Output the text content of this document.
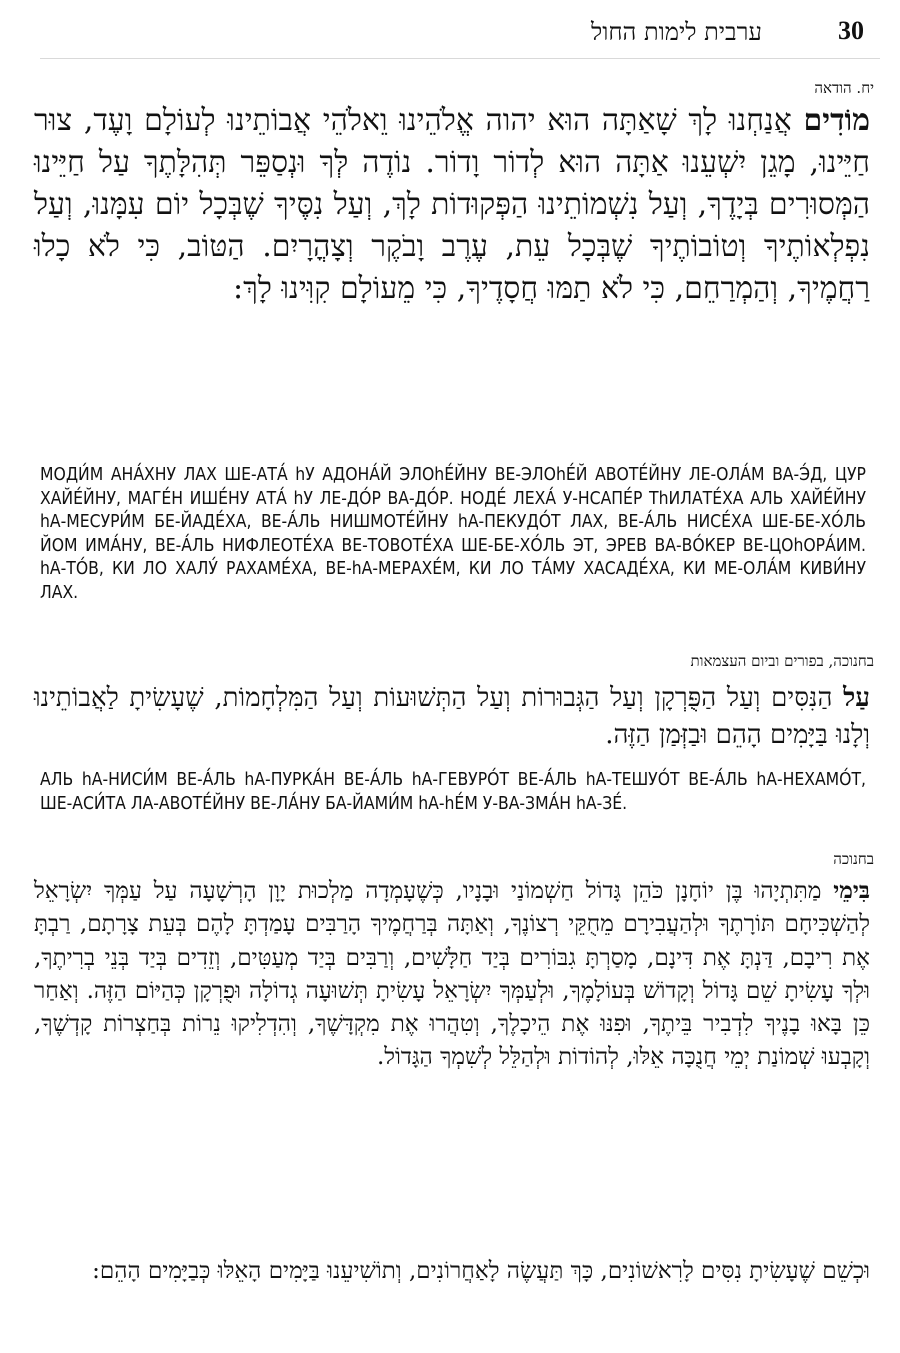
30
ערבית לימות החול
יח. הודאה
מוֹדִים אֲנַחְנוּ לָךְ שָׁאַתָּה הוּא יהוה אֱלֹהֵינוּ וֵאלֹהֵי אֲבוֹתֵינוּ לְעוֹלָם וָעֶד, צוּר חַיֵּינוּ, מָגֵן יִשְׁעֵנוּ אַתָּה הוּא לְדוֹר וָדוֹר. נוֹדֶה לְּךָ וּנְסַפֵּר תְּהִלָּתֶךָ עַל חַיֵּינוּ הַמְּסוּרִים בְּיָדֶךָ, וְעַל נִשְׁמוֹתֵינוּ הַפְּקוּדוֹת לָךְ, וְעַל נִסֶּיךָ שֶׁבְּכָל יוֹם עִמָּנוּ, וְעַל נִפְלְאוֹתֶיךָ וְטוֹבוֹתֶיךָ שֶׁבְּכָל עֵת, עֶרֶב וָבֹקֶר וְצָהֳרָיִם. הַטּוֹב, כִּי לֹא כָלוּ רַחֲמֶיךָ, וְהַמְרַחֵם, כִּי לֹא תַמּוּ חֲסָדֶיךָ, כִּי מֵעוֹלָם קִוִּינוּ לָךְ:
МОДИ́М АНА́ХНУ ЛАХ ШЕ-АТА́ hУ АДОНА́Й ЭЛОhЕ́ЙНУ ВЕ-ЭЛОhЕ́Й АВОТЕ́ЙНУ ЛЕ-ОЛА́М ВА-Э́Д, ЦУР ХАЙЕ́ЙНУ, МАГЕ́Н ИШЕ́НУ АТА́ hУ ЛЕ-ДО́Р ВА-ДО́Р. НОДЕ́ ЛЕХА́ У-НСАПЕ́Р ТhИЛАТЕ́ХА АЛЬ ХАЙЕ́ЙНУ hА-МЕСУРИ́М БЕ-ЙАДЕ́ХА, ВЕ-А́ЛЬ НИШМОТЕ́ЙНУ hА-ПЕКУДО́Т ЛАХ, ВЕ-А́ЛЬ НИСЕ́ХА ШЕ-БЕ-ХО́ЛЬ ЙОМ ИМА́НУ, ВЕ-А́ЛЬ НИФЛЕОТЕ́ХА ВЕ-ТОВОТЕ́ХА ШЕ-БЕ-ХО́ЛЬ ЭТ, ЭРЕВ ВА-ВО́КЕР ВЕ-ЦОhОРА́ИМ. hА-ТО́В, КИ ЛО ХАЛУ́ РАХАМЕ́ХА, ВЕ-hА-МЕРАХЕ́М, КИ ЛО ТА́МУ ХАСАДЕ́ХА, КИ МЕ-ОЛА́М КИВИ́НУ ЛАХ.
בחנוכה, בפורים וביום העצמאות
עַל הַנִּסִּים וְעַל הַפֻּרְקָן וְעַל הַגְּבוּרוֹת וְעַל הַתְּשׁוּעוֹת וְעַל הַמִּלְחָמוֹת, שֶׁעָשִׂיתָ לַאֲבוֹתֵינוּ וְלָנוּ בַּיָּמִים הָהֵם וּבַזְּמַן הַזֶּה.
АЛЬ hА-НИСИ́М ВЕ-А́ЛЬ hА-ПУРКА́Н ВЕ-А́ЛЬ hА-ГЕВУРО́Т ВЕ-А́ЛЬ hА-ТЕШУО́Т ВЕ-А́ЛЬ hА-НЕХАМО́Т, ШЕ-АСИ́ТА ЛА-АВОТЕ́ЙНУ ВЕ-ЛА́НУ БА-ЙАМИ́М hА-hЕ́М У-ВА-ЗМА́Н hА-ЗЕ́.
בחנוכה
בִּימֵי מַתִּתְיָהוּ בֶּן יוֹחָנָן כֹּהֵן גָּדוֹל חַשְׁמוֹנַי וּבָנָיו, כְּשֶׁעָמְדָה מַלְכוּת יָוָן הָרְשָׁעָה עַל עַמְּךָ יִשְׂרָאֵל לְהַשְׁכִּיחָם תּוֹרָתֶךָ וּלְהַעֲבִירָם מֵחֻקֵּי רְצוֹנֶךָ, וְאַתָּה בְּרַחֲמֶיךָ הָרַבִּים עָמַדְתָּ לָהֶם בְּעֵת צָרָתָם, רַבְתָּ אֶת רִיבָם, דַּנְתָּ אֶת דִּינָם, מָסַרְתָּ גִבּוֹרִים בְּיַד חַלָּשִׁים, וְרַבִּים בְּיַד מְעַטִּים, וְזֵדִים בְּיַד בְּנֵי בְרִיתֶךָ, וּלְךָ עָשִׂיתָ שֵׁם גָּדוֹל וְקָדוֹשׁ בְּעוֹלָמֶךָ, וּלְעַמְּךָ יִשְׂרָאֵל עָשִׂיתָ תְּשׁוּעָה גְדוֹלָה וּפֻרְקָן כְּהַיּוֹם הַזֶּה. וְאַחַר כֵּן בָּאוּ בָנֶיךָ לִדְבִיר בֵּיתֶךָ, וּפִנּוּ אֶת הֵיכָלֶךָ, וְטִהֲרוּ אֶת מִקְדָּשֶׁךָ, וְהִדְלִיקוּ נֵרוֹת בְּחַצְרוֹת קָדְשֶׁךָ, וְקָבְעוּ שְׁמוֹנַת יְמֵי חֲנֻכָּה אֵלּוּ, לְהוֹדוֹת וּלְהַלֵּל לְשִׁמְךָ הַגָּדוֹל.
וּכְשֵׁם שֶׁעָשִׂיתָ נִסִּים לָרִאשׁוֹנִים, כָּךְ תַּעֲשֶׂה לָאַחֲרוֹנִים, וְתוֹשִׁיעֵנוּ בַּיָּמִים הָאֵלּוּ כְּבַיָּמִים הָהֵם:
